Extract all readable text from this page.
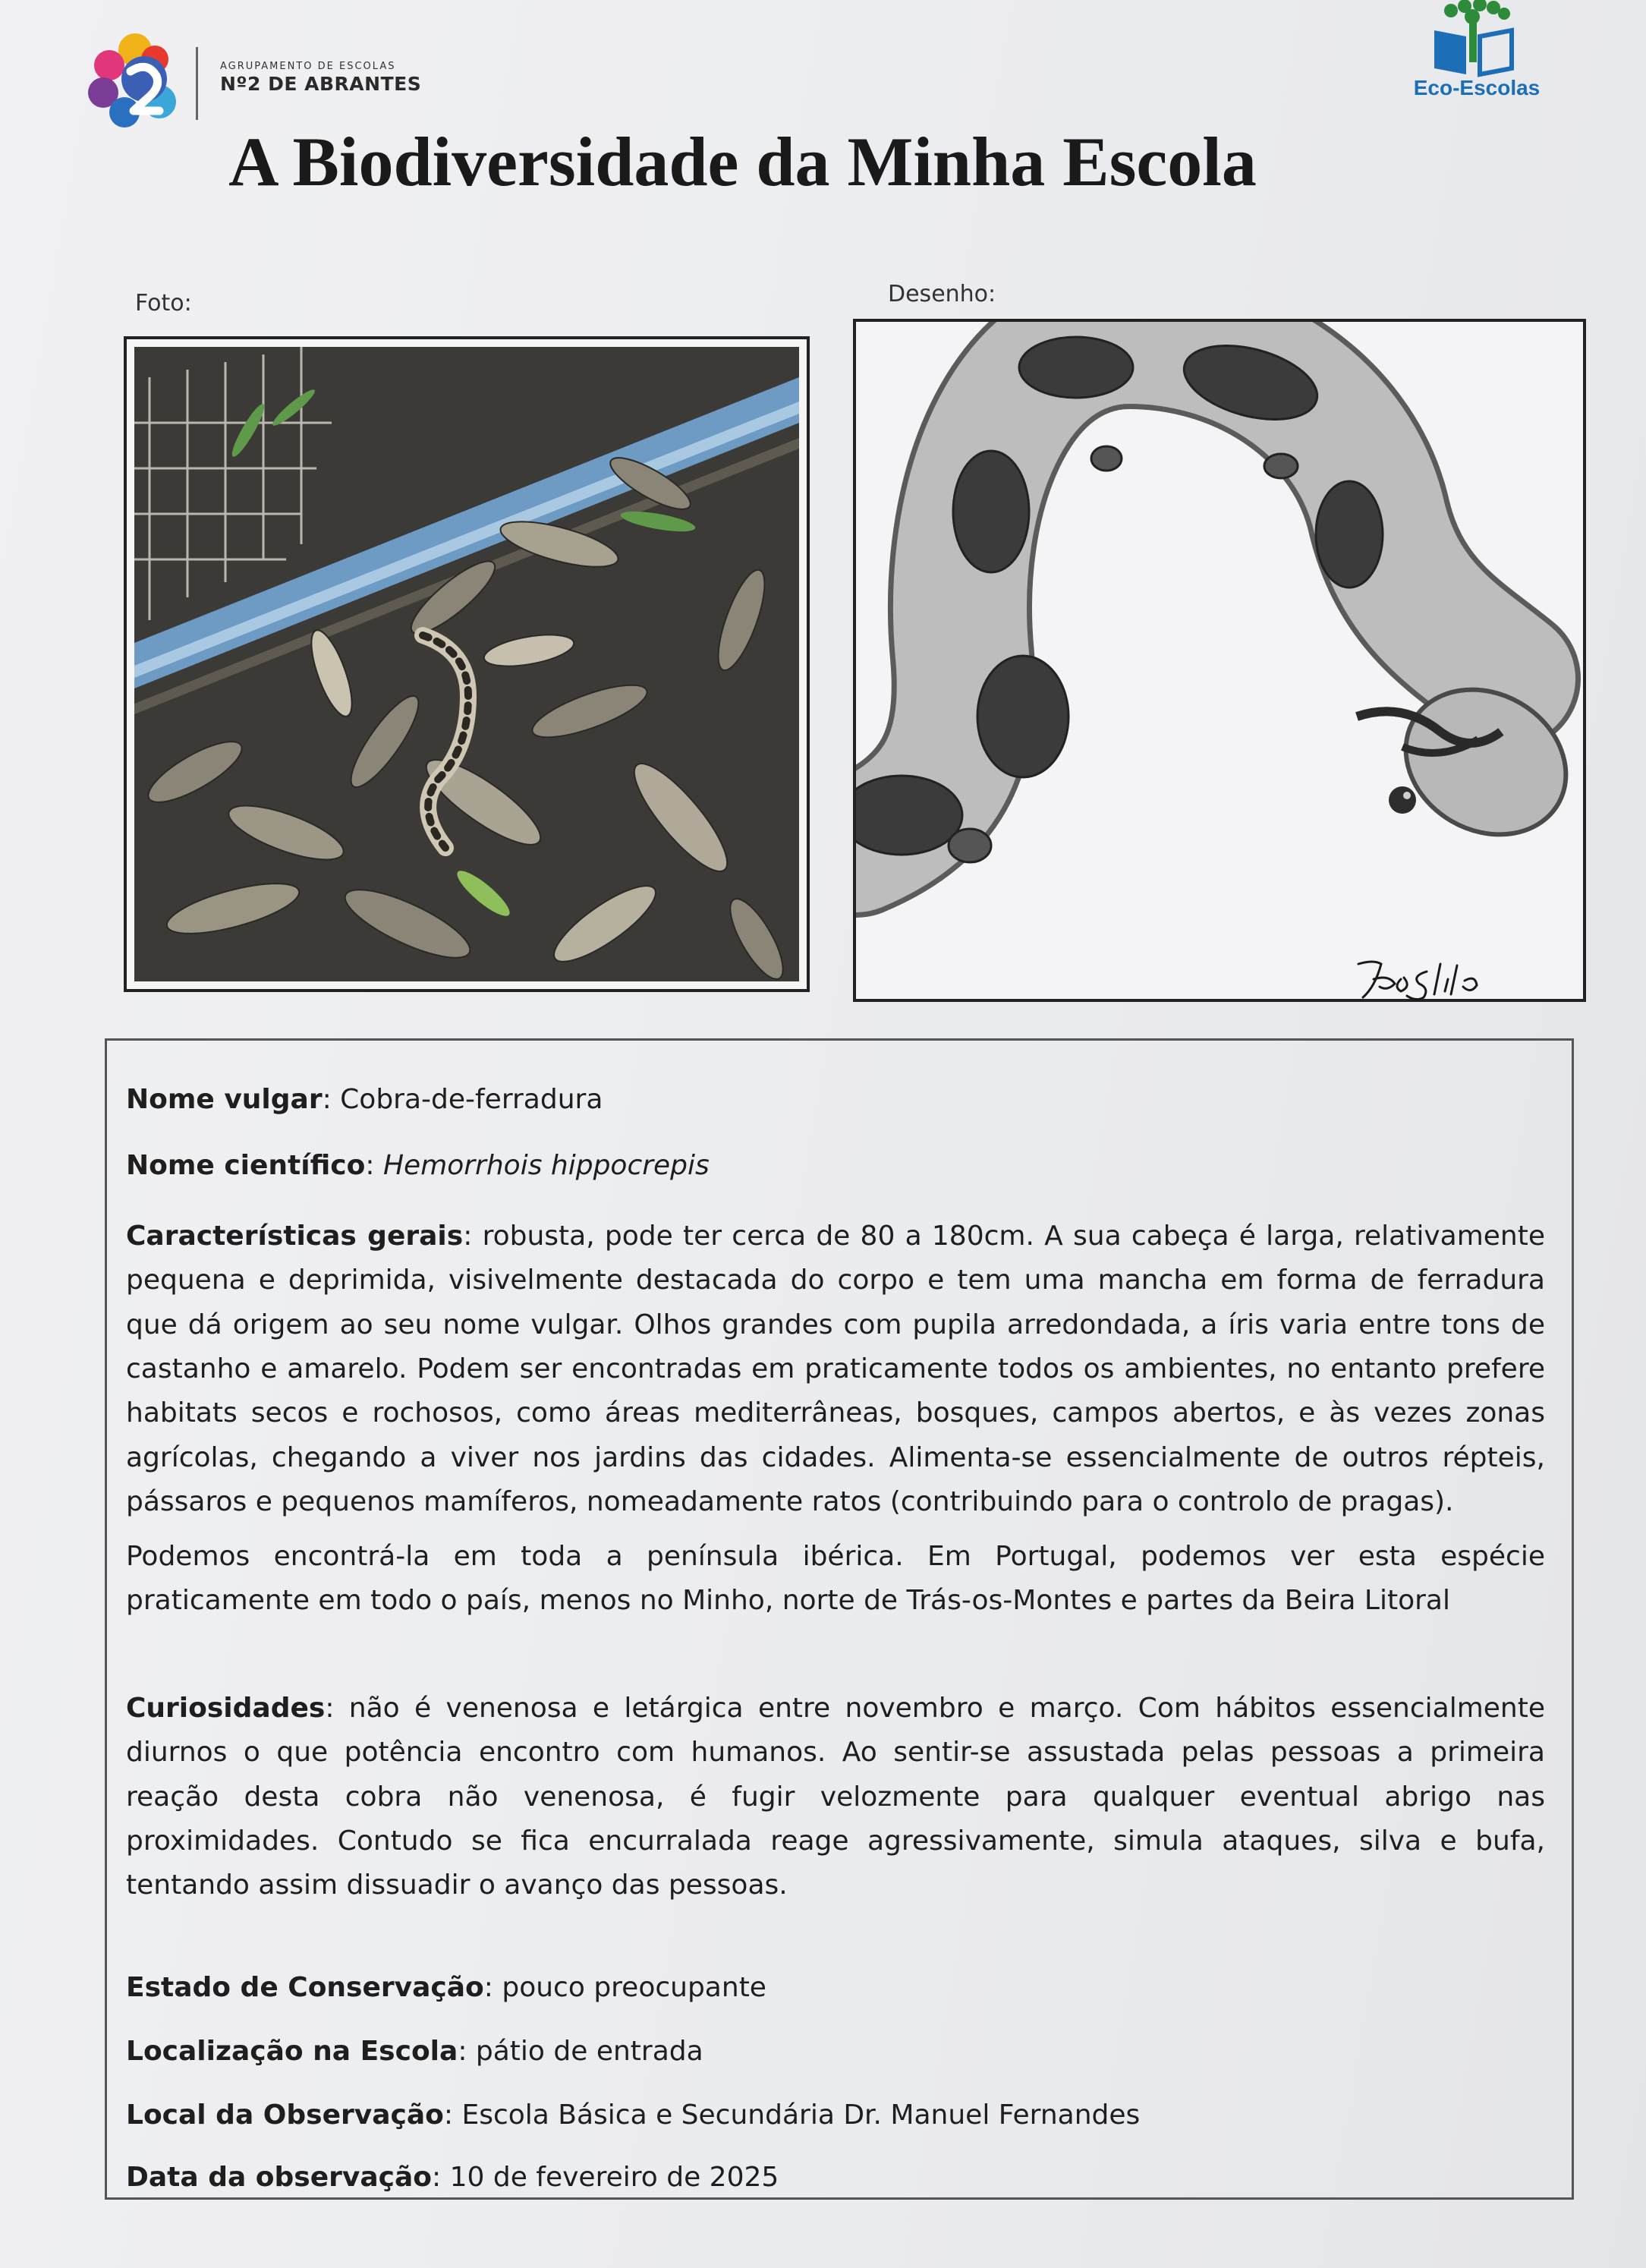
AGRUPAMENTO DE ESCOLAS
Nº2 DE ABRANTES	Eco-Escolas
A Biodiversidade da Minha Escola
Foto:	Desenho:

Nome vulgar: Cobra-de-ferradura

Nome científico: Hemorrhois hippocrepis

Características gerais: robusta, pode ter cerca de 80 a 180cm. A sua cabeça é larga, relativamente pequena e deprimida, visivelmente destacada do corpo e tem uma mancha em forma de ferradura que dá origem ao seu nome vulgar. Olhos grandes com pupila arredondada, a íris varia entre tons de castanho e amarelo. Podem ser encontradas em praticamente todos os ambientes, no entanto prefere habitats secos e rochosos, como áreas mediterrâneas, bosques, campos abertos, e às vezes zonas agrícolas, chegando a viver nos jardins das cidades. Alimenta-se essencialmente de outros répteis, pássaros e pequenos mamíferos, nomeadamente ratos (contribuindo para o controlo de pragas).

Podemos encontrá-la em toda a península ibérica. Em Portugal, podemos ver esta espécie praticamente em todo o país, menos no Minho, norte de Trás-os-Montes e partes da Beira Litoral

Curiosidades: não é venenosa e letárgica entre novembro e março. Com hábitos essencialmente diurnos o que potência encontro com humanos. Ao sentir-se assustada pelas pessoas a primeira reação desta cobra não venenosa, é fugir velozmente para qualquer eventual abrigo nas proximidades. Contudo se fica encurralada reage agressivamente, simula ataques, silva e bufa, tentando assim dissuadir o avanço das pessoas.

Estado de Conservação: pouco preocupante

Localização na Escola: pátio de entrada

Local da Observação: Escola Básica e Secundária Dr. Manuel Fernandes

Data da observação: 10 de fevereiro de 2025
